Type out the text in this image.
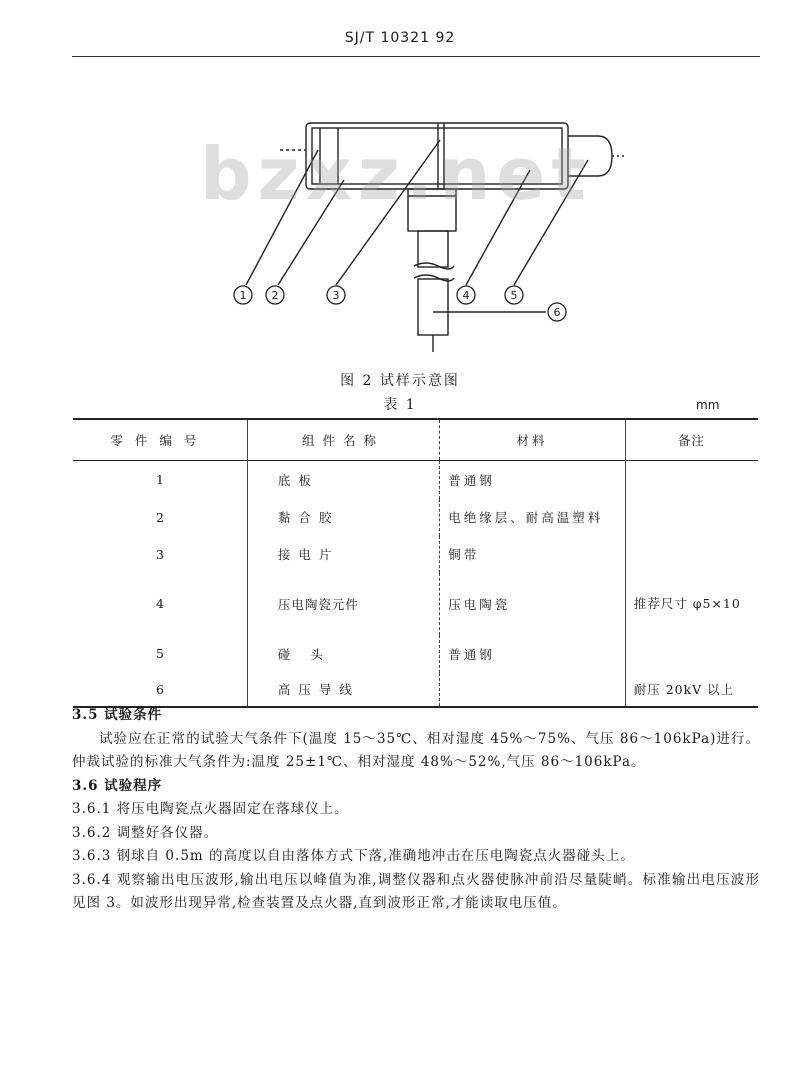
SJ/T 10321 92
1 2	3	4	5
6
bzxz.net
图 2 试样示意图
表 1	mm
零件编号	组件名称	材料	备注
1	底板	普通钢	
2	黏合胶	电绝缘层、耐高温塑料	
3	接电片	铜带	
4	压电陶瓷元件	压电陶瓷	推荐尺寸 φ5×10
5	碰头	普通钢	
6	高压导线		耐压 20kV 以上

3.5 试验条件

试验应在正常的试验大气条件下(温度 15～35℃、相对湿度 45%～75%、气压 86～106kPa)进行。仲裁试验的标准大气条件为:温度 25±1℃、相对湿度 48%～52%,气压 86～106kPa。

3.6 试验程序

3.6.1 将压电陶瓷点火器固定在落球仪上。

3.6.2 调整好各仪器。

3.6.3 钢球自 0.5m 的高度以自由落体方式下落,准确地冲击在压电陶瓷点火器碰头上。

3.6.4 观察输出电压波形,输出电压以峰值为准,调整仪器和点火器使脉冲前沿尽量陡峭。标准输出电压波形见图 3。如波形出现异常,检查装置及点火器,直到波形正常,才能读取电压值。
